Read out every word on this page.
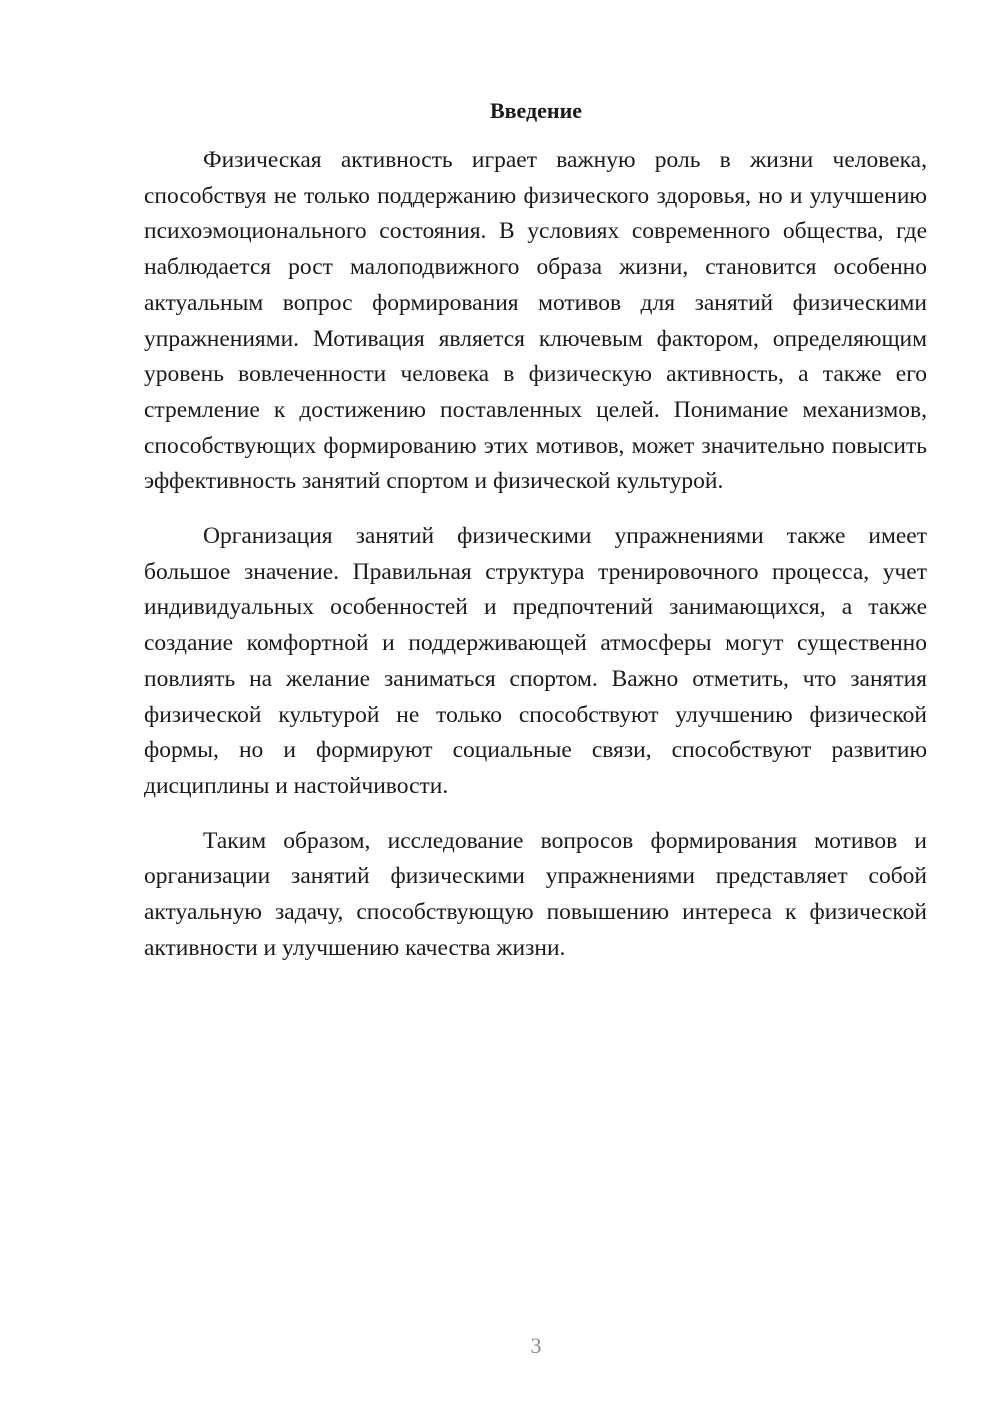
Введение

Физическая активность играет важную роль в жизни человека, способствуя не только поддержанию физического здоровья, но и улучшению психоэмоционального состояния. В условиях современного общества, где наблюдается рост малоподвижного образа жизни, становится особенно актуальным вопрос формирования мотивов для занятий физическими упражнениями. Мотивация является ключевым фактором, определяющим уровень вовлеченности человека в физическую активность, а также его стремление к достижению поставленных целей. Понимание механизмов, способствующих формированию этих мотивов, может значительно повысить эффективность занятий спортом и физической культурой.

Организация занятий физическими упражнениями также имеет большое значение. Правильная структура тренировочного процесса, учет индивидуальных особенностей и предпочтений занимающихся, а также создание комфортной и поддерживающей атмосферы могут существенно повлиять на желание заниматься спортом. Важно отметить, что занятия физической культурой не только способствуют улучшению физической формы, но и формируют социальные связи, способствуют развитию дисциплины и настойчивости.

Таким образом, исследование вопросов формирования мотивов и организации занятий физическими упражнениями представляет собой актуальную задачу, способствующую повышению интереса к физической активности и улучшению качества жизни.

3
